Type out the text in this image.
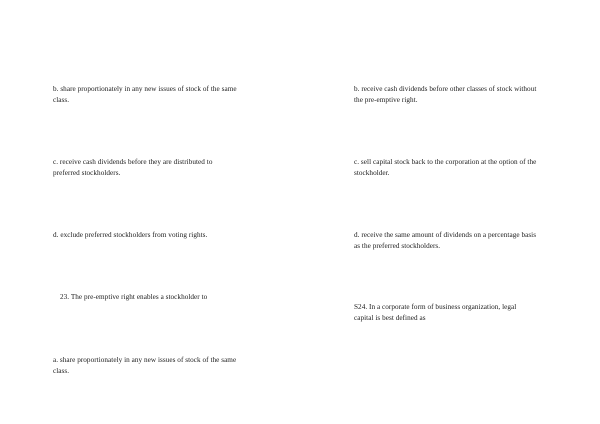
b. share proportionately in any new issues of stock of the same

class.

c. receive cash dividends before they are distributed to

preferred stockholders.

d. exclude preferred stockholders from voting rights.

23. The pre-emptive right enables a stockholder to

a. share proportionately in any new issues of stock of the same

class.

b. receive cash dividends before other classes of stock without

the pre-emptive right.

c. sell capital stock back to the corporation at the option of the

stockholder.

d. receive the same amount of dividends on a percentage basis

as the preferred stockholders.

S24. In a corporate form of business organization, legal

capital is best defined as
